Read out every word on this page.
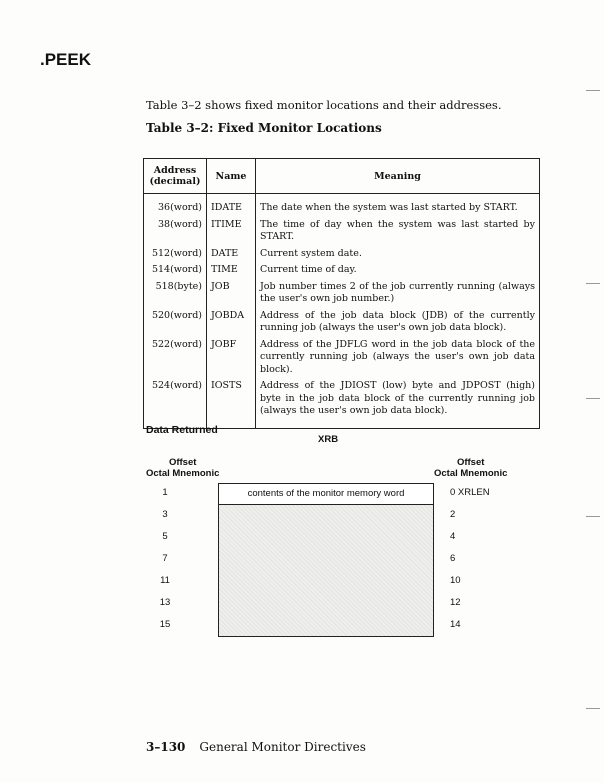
.PEEK
Table 3–2 shows fixed monitor locations and their addresses.
Table 3–2: Fixed Monitor Locations
Address (decimal)	Name	Meaning
36(word)	IDATE	The date when the system was last started by START.
38(word)	ITIME	The time of day when the system was last started by START.
512(word)	DATE	Current system date.
514(word)	TIME	Current time of day.
518(byte)	JOB	Job number times 2 of the job currently running (always the user's own job number.)
520(word)	JOBDA	Address of the job data block (JDB) of the currently running job (always the user's own job data block).
522(word)	JOBF	Address of the JDFLG word in the job data block of the currently running job (always the user's own job data block).
524(word)	IOSTS	Address of the JDIOST (low) byte and JDPOST (high) byte in the job data block of the currently running job (always the user's own job data block).
Data Returned
XRB
Offset
Octal Mnemonic
Offset
Octal Mnemonic
contents of the monitor memory word
1	0 XRLEN
3	2
5	4
7	6
11	10
13	12
15	14
3–130 General Monitor Directives
